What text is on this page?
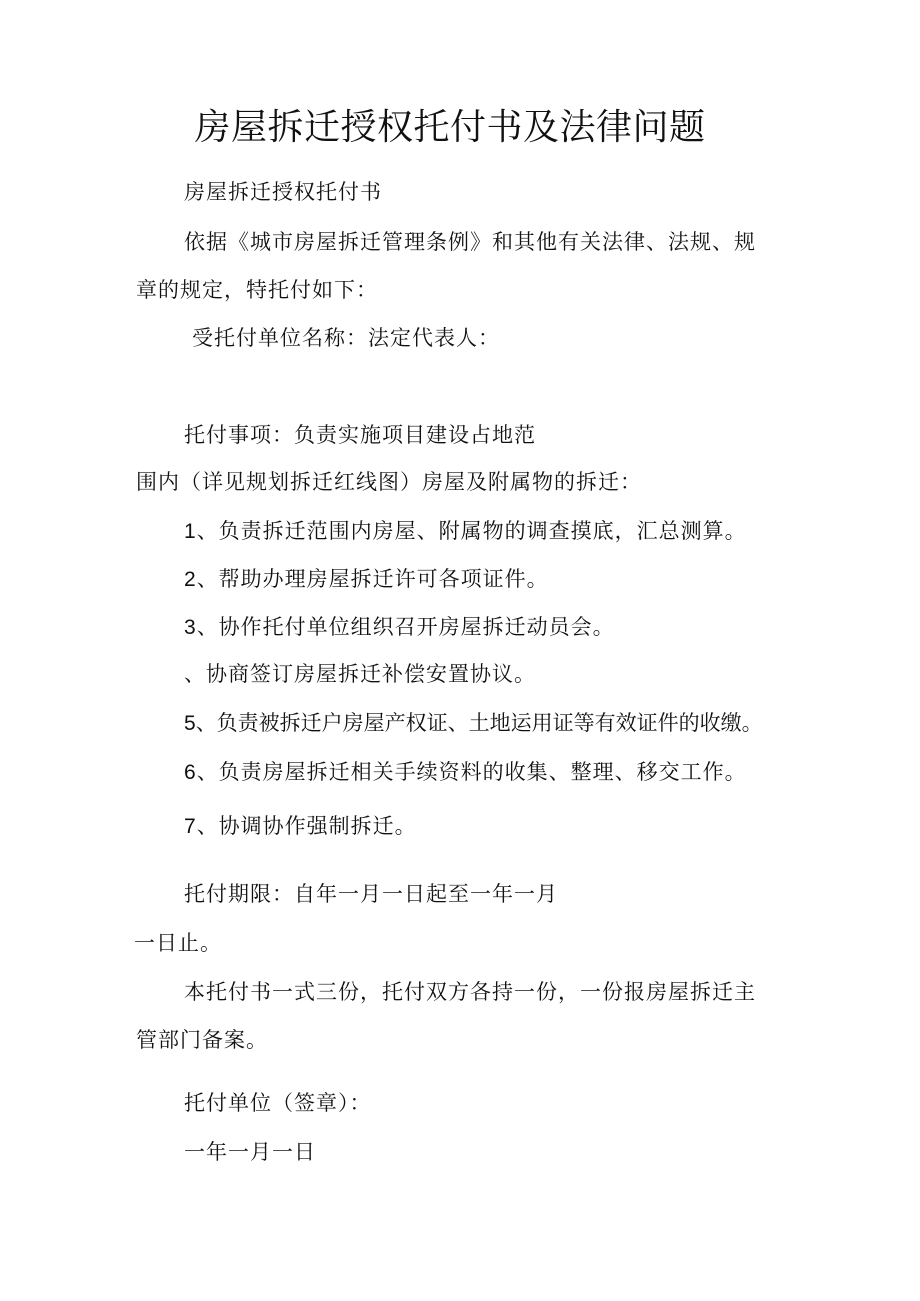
房屋拆迁授权托付书及法律问题
房屋拆迁授权托付书
依据《城市房屋拆迁管理条例》和其他有关法律、法规、规
章的规定，特托付如下：
受托付单位名称：法定代表人：
托付事项：负责实施项目建设占地范
围内（详见规划拆迁红线图）房屋及附属物的拆迁：
1、负责拆迁范围内房屋、附属物的调查摸底，汇总测算。
2、帮助办理房屋拆迁许可各项证件。
3、协作托付单位组织召开房屋拆迁动员会。
、协商签订房屋拆迁补偿安置协议。
5、负责被拆迁户房屋产权证、土地运用证等有效证件的收缴。
6、负责房屋拆迁相关手续资料的收集、整理、移交工作。
7、协调协作强制拆迁。
托付期限：自年一月一日起至一年一月
一日止。
本托付书一式三份，托付双方各持一份，一份报房屋拆迁主
管部门备案。
托付单位（签章）：
一年一月一日
